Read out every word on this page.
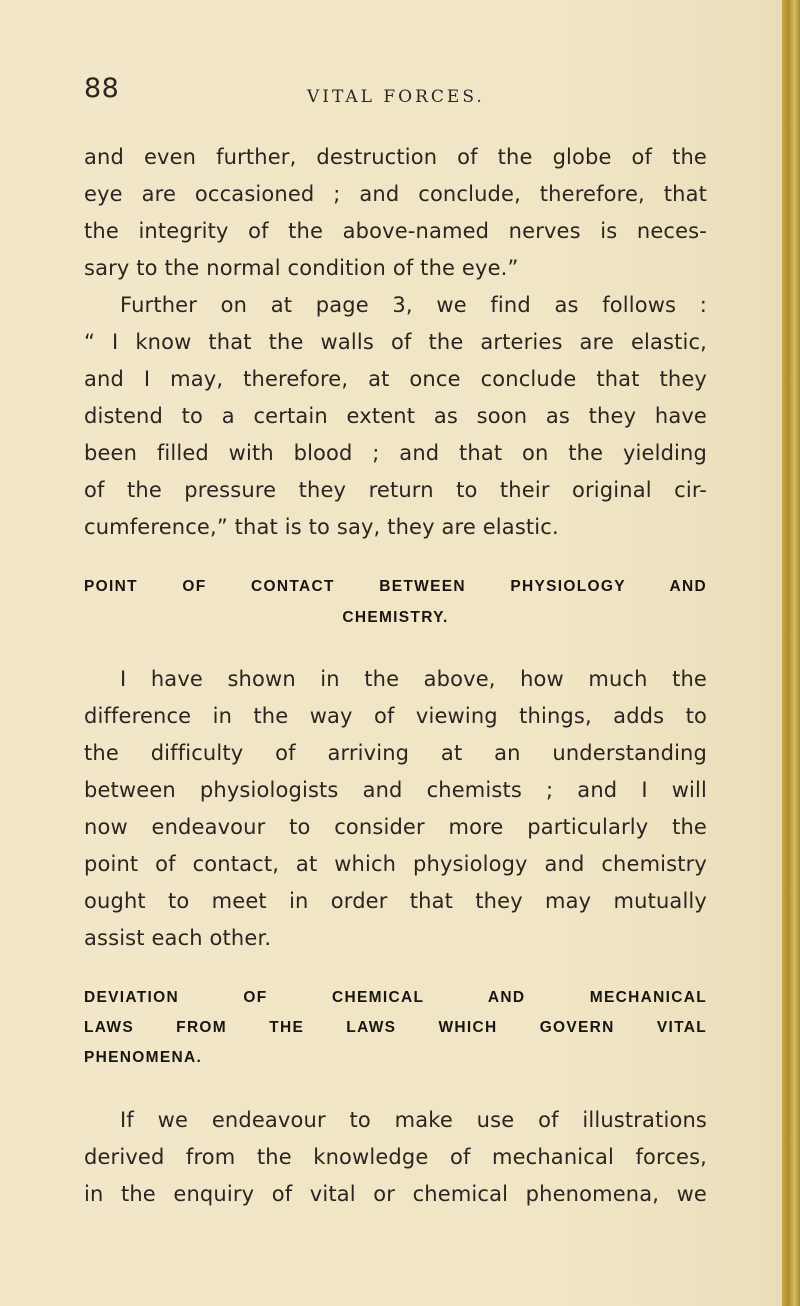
88	VITAL FORCES.
and even further, destruction of the globe of the
eye are occasioned ; and conclude, therefore, that
the integrity of the above-named nerves is neces-
sary to the normal condition of the eye.”
Further on at page 3, we find as follows :
“ I know that the walls of the arteries are elastic,
and I may, therefore, at once conclude that they
distend to a certain extent as soon as they have
been filled with blood ; and that on the yielding
of the pressure they return to their original cir-
cumference,” that is to say, they are elastic.
POINT OF CONTACT BETWEEN PHYSIOLOGY AND
CHEMISTRY.
I have shown in the above, how much the
difference in the way of viewing things, adds to
the difficulty of arriving at an understanding
between physiologists and chemists ; and I will
now endeavour to consider more particularly the
point of contact, at which physiology and chemistry
ought to meet in order that they may mutually
assist each other.
DEVIATION OF CHEMICAL AND MECHANICAL
LAWS FROM THE LAWS WHICH GOVERN VITAL
PHENOMENA.
If we endeavour to make use of illustrations
derived from the knowledge of mechanical forces,
in the enquiry of vital or chemical phenomena, we
